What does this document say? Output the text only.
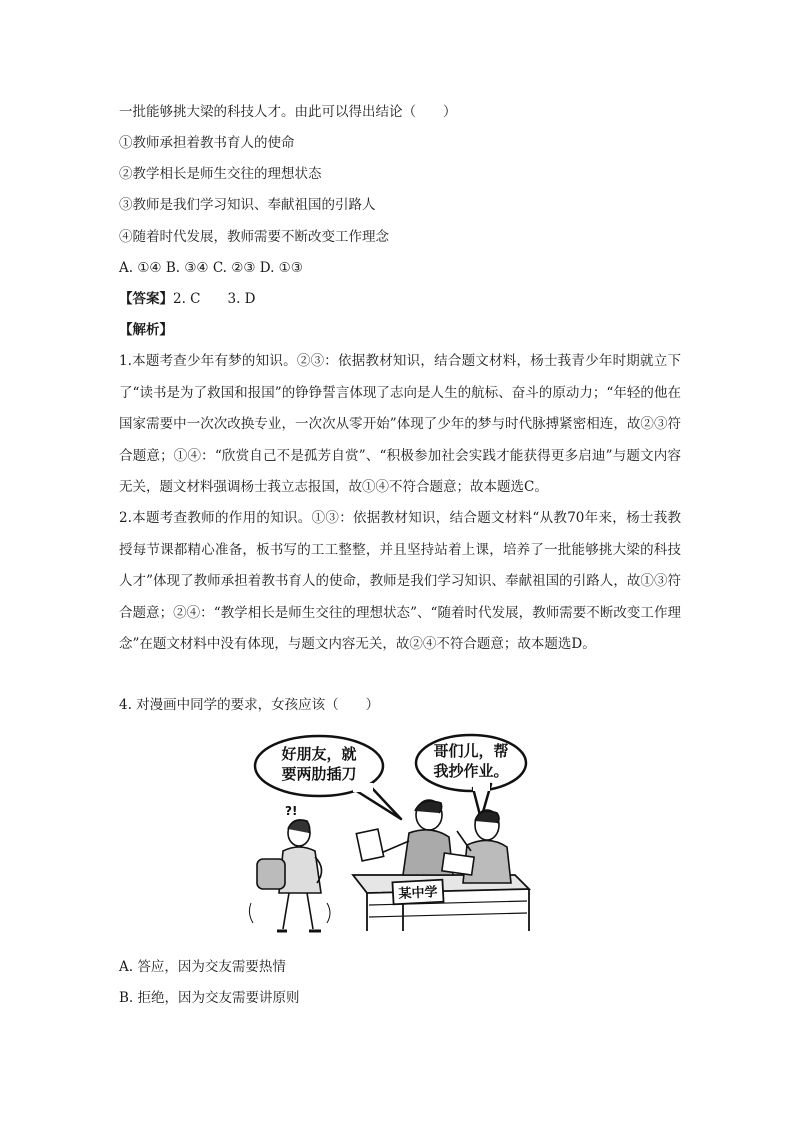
一批能够挑大梁的科技人才。由此可以得出结论（　　）
①教师承担着教书育人的使命
②教学相长是师生交往的理想状态
③教师是我们学习知识、奉献祖国的引路人
④随着时代发展，教师需要不断改变工作理念
A. ①④ B. ③④ C. ②③ D. ①③
【答案】2. C　　3. D
【解析】
1.本题考查少年有梦的知识。②③：依据教材知识，结合题文材料，杨士莪青少年时期就立下了“读书是为了救国和报国”的铮铮誓言体现了志向是人生的航标、奋斗的原动力；“年轻的他在国家需要中一次次改换专业，一次次从零开始”体现了少年的梦与时代脉搏紧密相连，故②③符合题意；①④：“欣赏自己不是孤芳自赏”、“积极参加社会实践才能获得更多启迪”与题文内容无关，题文材料强调杨士莪立志报国，故①④不符合题意；故本题选C。
2.本题考查教师的作用的知识。①③：依据教材知识，结合题文材料“从教70年来，杨士莪教授每节课都精心准备，板书写的工工整整，并且坚持站着上课，培养了一批能够挑大梁的科技人才”体现了教师承担着教书育人的使命，教师是我们学习知识、奉献祖国的引路人，故①③符合题意；②④：“教学相长是师生交往的理想状态”、“随着时代发展，教师需要不断改变工作理念”在题文材料中没有体现，与题文内容无关，故②④不符合题意；故本题选D。
4. 对漫画中同学的要求，女孩应该（　　）
好朋友，就
要两肋插刀
哥们儿，帮
我抄作业。
?!
某中学
A. 答应，因为交友需要热情
B. 拒绝，因为交友需要讲原则
